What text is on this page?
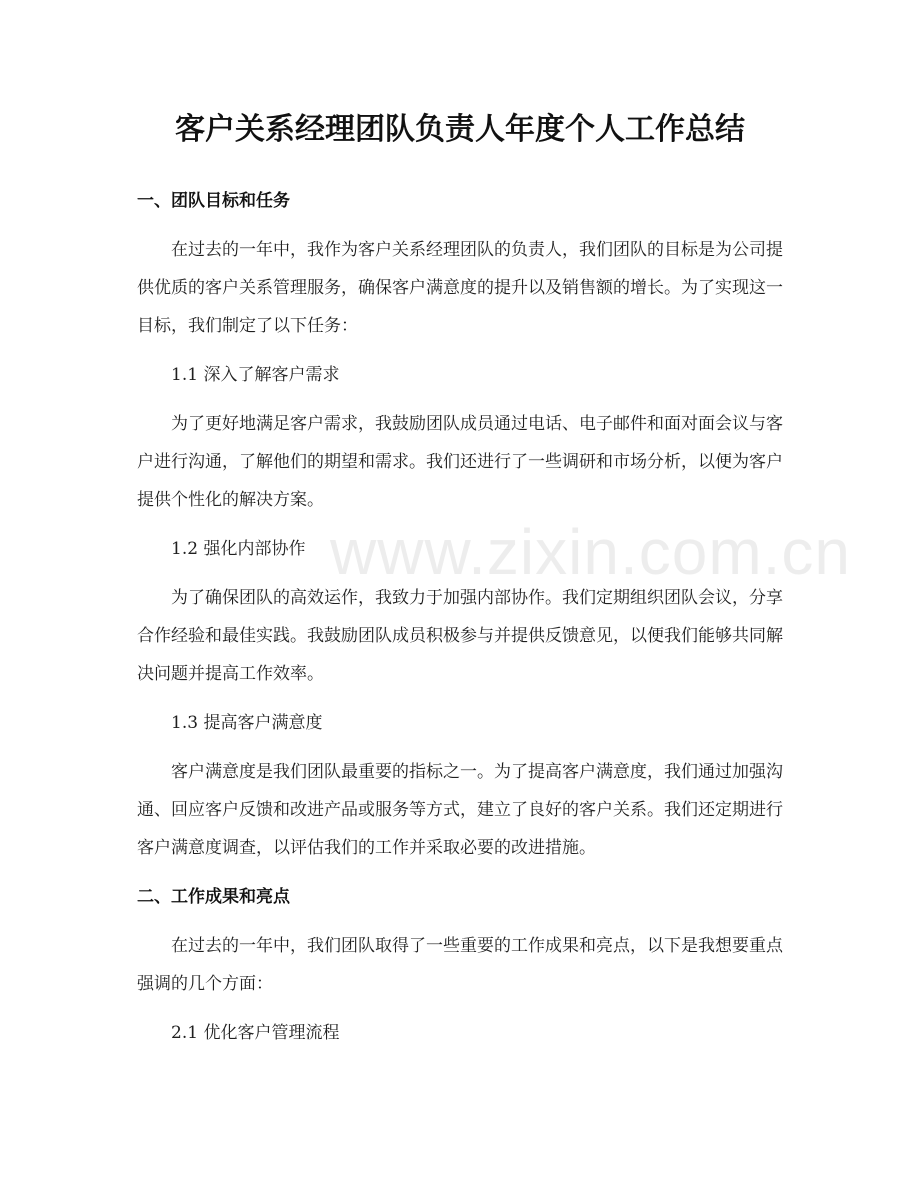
www.zixin.com.cn
客户关系经理团队负责人年度个人工作总结
一、团队目标和任务

在过去的一年中，我作为客户关系经理团队的负责人，我们团队的目标是为公司提供优质的客户关系管理服务，确保客户满意度的提升以及销售额的增长。为了实现这一目标，我们制定了以下任务：

1.1 深入了解客户需求

为了更好地满足客户需求，我鼓励团队成员通过电话、电子邮件和面对面会议与客户进行沟通，了解他们的期望和需求。我们还进行了一些调研和市场分析，以便为客户提供个性化的解决方案。

1.2 强化内部协作

为了确保团队的高效运作，我致力于加强内部协作。我们定期组织团队会议，分享合作经验和最佳实践。我鼓励团队成员积极参与并提供反馈意见，以便我们能够共同解决问题并提高工作效率。

1.3 提高客户满意度

客户满意度是我们团队最重要的指标之一。为了提高客户满意度，我们通过加强沟通、回应客户反馈和改进产品或服务等方式，建立了良好的客户关系。我们还定期进行客户满意度调查，以评估我们的工作并采取必要的改进措施。

二、工作成果和亮点

在过去的一年中，我们团队取得了一些重要的工作成果和亮点，以下是我想要重点强调的几个方面：

2.1 优化客户管理流程
